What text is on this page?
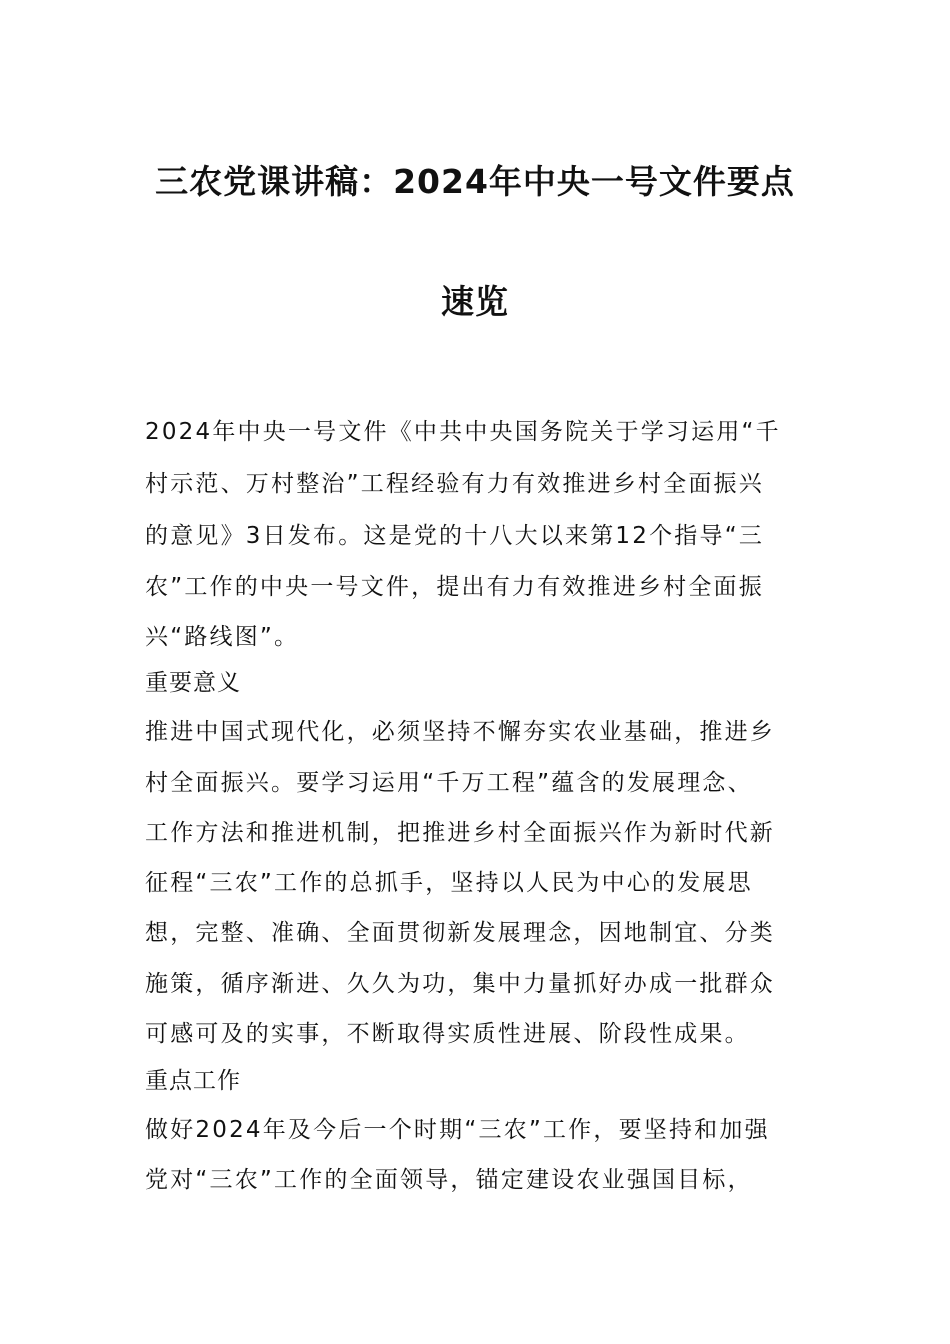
三农党课讲稿：2024年中央一号文件要点
速览
2024年中央一号文件《中共中央国务院关于学习运用“千
村示范、万村整治”工程经验有力有效推进乡村全面振兴
的意见》3日发布。这是党的十八大以来第12个指导“三
农”工作的中央一号文件，提出有力有效推进乡村全面振
兴“路线图”。
重要意义
推进中国式现代化，必须坚持不懈夯实农业基础，推进乡
村全面振兴。要学习运用“千万工程”蕴含的发展理念、
工作方法和推进机制，把推进乡村全面振兴作为新时代新
征程“三农”工作的总抓手，坚持以人民为中心的发展思
想，完整、准确、全面贯彻新发展理念，因地制宜、分类
施策，循序渐进、久久为功，集中力量抓好办成一批群众
可感可及的实事，不断取得实质性进展、阶段性成果。
重点工作
做好2024年及今后一个时期“三农”工作，要坚持和加强
党对“三农”工作的全面领导，锚定建设农业强国目标，
